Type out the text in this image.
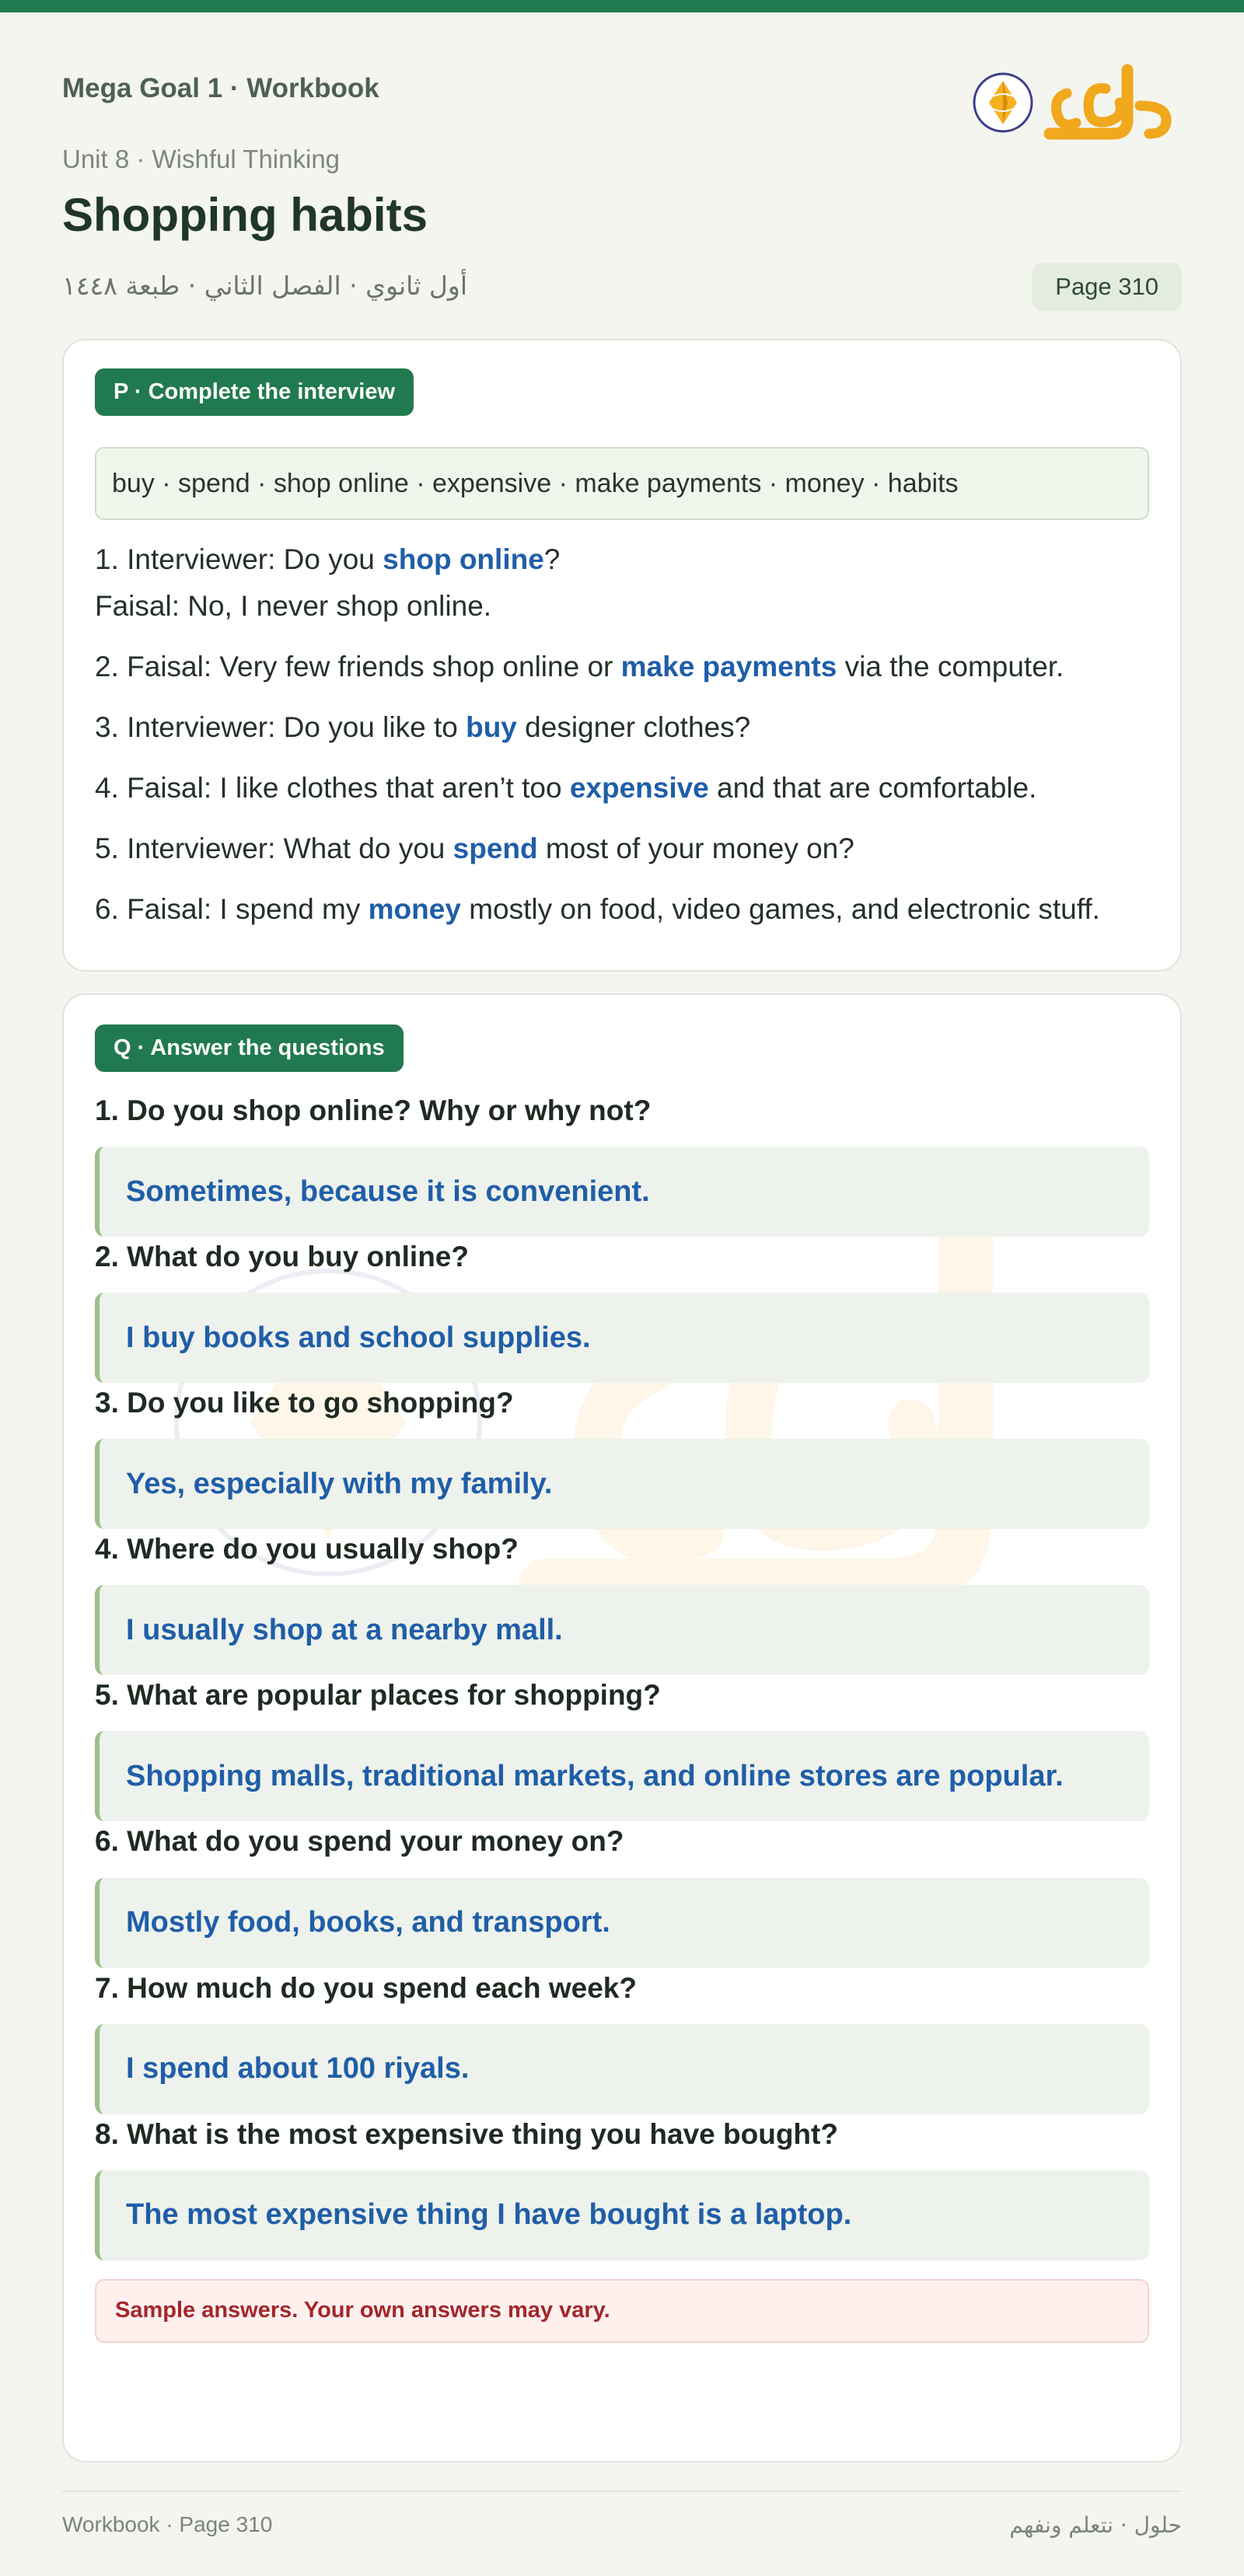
Mega Goal 1 · Workbook
Unit 8 · Wishful Thinking
Shopping habits
أول ثانوي · الفصل الثاني · طبعة ١٤٤٨	Page 310
P · Complete the interview
buy · spend · shop online · expensive · make payments · money · habits
1. Interviewer: Do you shop online?
Faisal: No, I never shop online.
2. Faisal: Very few friends shop online or make payments via the computer.
3. Interviewer: Do you like to buy designer clothes?
4. Faisal: I like clothes that aren’t too expensive and that are comfortable.
5. Interviewer: What do you spend most of your money on?
6. Faisal: I spend my money mostly on food, video games, and electronic stuff.
Q · Answer the questions
1. Do you shop online? Why or why not?
Sometimes, because it is convenient.
2. What do you buy online?
I buy books and school supplies.
3. Do you like to go shopping?
Yes, especially with my family.
4. Where do you usually shop?
I usually shop at a nearby mall.
5. What are popular places for shopping?
Shopping malls, traditional markets, and online stores are popular.
6. What do you spend your money on?
Mostly food, books, and transport.
7. How much do you spend each week?
I spend about 100 riyals.
8. What is the most expensive thing you have bought?
The most expensive thing I have bought is a laptop.
Sample answers. Your own answers may vary.
Workbook · Page 310	حلول · نتعلم ونفهم
